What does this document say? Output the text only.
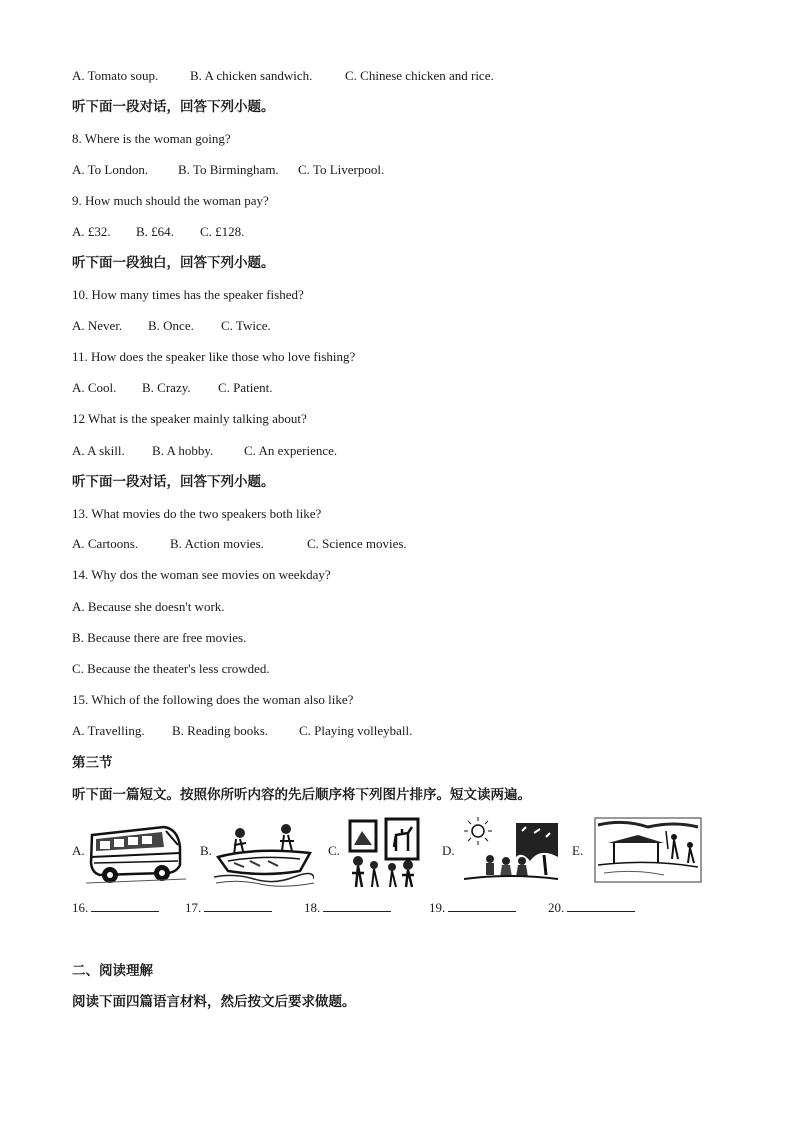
A. Tomato soup. B. A chicken sandwich.	C. Chinese chicken and rice.
听下面一段对话，回答下列小题。
8. Where is the woman going?
A. To London. B. To Birmingham. C. To Liverpool.
9. How much should the woman pay?
A. £32. B. £64. C. £128.
听下面一段独白，回答下列小题。
10. How many times has the speaker fished?
A. Never. B. Once. C. Twice.
11. How does the speaker like those who love fishing?
A. Cool. B. Crazy. C. Patient.
12 What is the speaker mainly talking about?
A. A skill. B. A hobby. C. An experience.
听下面一段对话，回答下列小题。
13. What movies do the two speakers both like?
A. Cartoons. B. Action movies.	C. Science movies.
14. Why dos the woman see movies on weekday?
A. Because she doesn't work.
B. Because there are free movies.
C. Because the theater's less crowded.
15. Which of the following does the woman also like?
A. Travelling. B. Reading books. C. Playing volleyball.
第三节
听下面一篇短文。按照你所听内容的先后顺序将下列图片排序。短文读两遍。
A.	B.	C.	D.	E.
16.	17.	18.	19.	20.
二、阅读理解
阅读下面四篇语言材料，然后按文后要求做题。
